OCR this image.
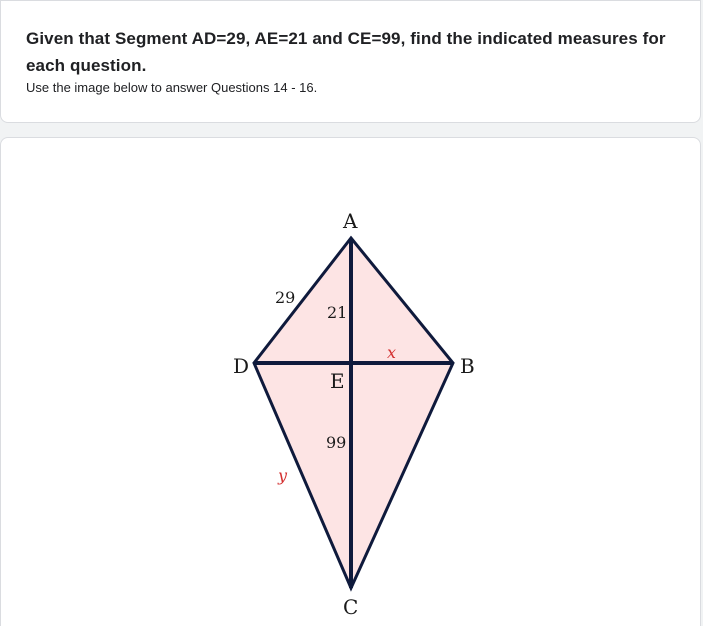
Given that Segment AD=29, AE=21 and CE=99, find the indicated measures for each question.
Use the image below to answer Questions 14 - 16.
A
B
C
D
E
29
21
99
x
y
